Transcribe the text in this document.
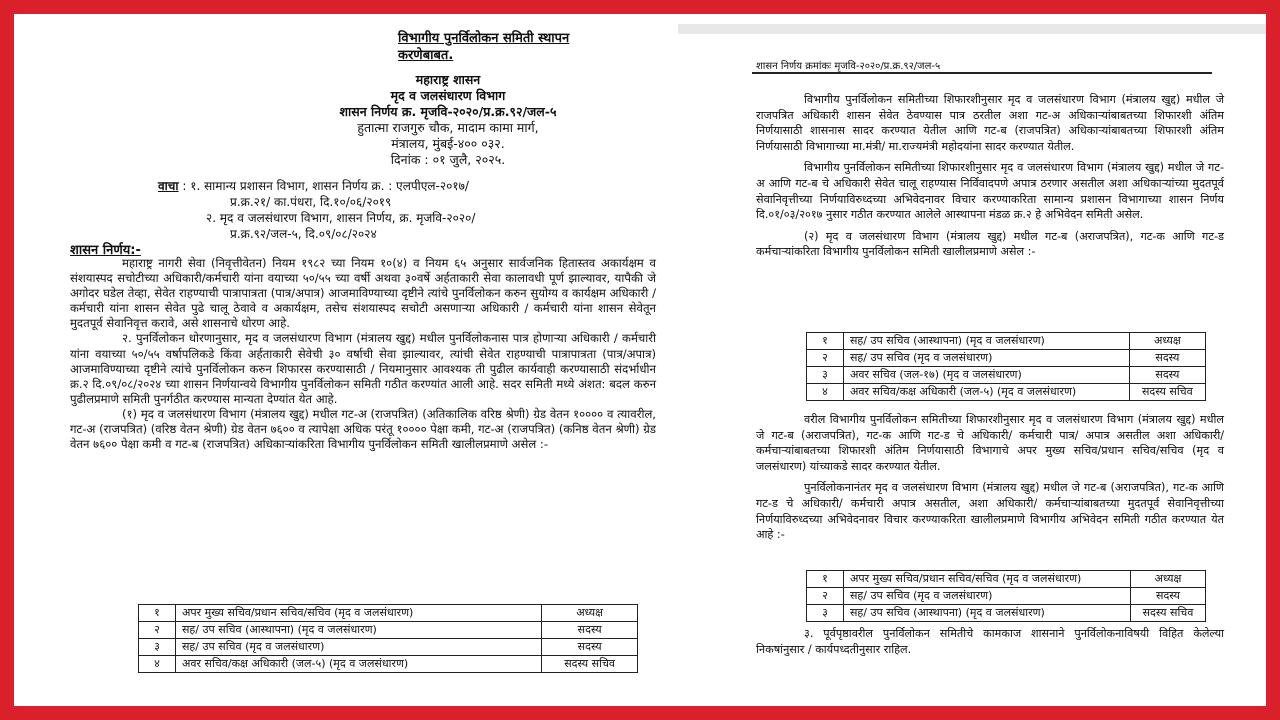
विभागीय पुनर्विलोकन समिती स्थापन
करणेबाबत.
महाराष्ट्र शासन
मृद व जलसंधारण विभाग
शासन निर्णय क्र. मृजवि-२०२०/प्र.क्र.९२/जल-५
हुतात्मा राजगुरु चौक, मादाम कामा मार्ग,
मंत्रालय, मुंबई-४०० ०३२.
दिनांक : ०१ जुलै, २०२५.
वाचा : १. सामान्य प्रशासन विभाग, शासन निर्णय क्र. : एलपीएल-२०१७/
प्र.क्र.२१/ का.पंधरा, दि.१०/०६/२०१९
२. मृद व जलसंधारण विभाग, शासन निर्णय, क्र. मृजवि-२०२०/
प्र.क्र.९२/जल-५, दि.०९/०८/२०२४
शासन निर्णय:-

महाराष्ट्र नागरी सेवा (निवृत्तीवेतन) नियम १९८२ च्या नियम १०(४) व नियम ६५ अनुसार सार्वजनिक हितास्तव अकार्यक्षम व संशयास्पद सचोटीच्या अधिकारी/कर्मचारी यांना वयाच्या ५०/५५ च्या वर्षी अथवा ३०वर्षे अर्हताकारी सेवा कालावधी पूर्ण झाल्यावर, यापैकी जे अगोदर घडेल तेव्हा, सेवेत राहण्याची पात्रापात्रता (पात्र/अपात्र) आजमाविण्याच्या दृष्टीने त्यांचे पुनर्विलोकन करुन सुयोग्य व कार्यक्षम अधिकारी / कर्मचारी यांना शासन सेवेत पुढे चालू ठेवावे व अकार्यक्षम, तसेच संशयास्पद सचोटी असणाऱ्या अधिकारी / कर्मचारी यांना शासन सेवेतून मुदतपूर्व सेवानिवृत्त करावे, असे शासनाचे धोरण आहे.

२. पुनर्विलोकन धोरणानुसार, मृद व जलसंधारण विभाग (मंत्रालय खुद्द) मधील पुनर्विलोकनास पात्र होणाऱ्या अधिकारी / कर्मचारी यांना वयाच्या ५०/५५ वर्षापलिकडे किंवा अर्हताकारी सेवेची ३० वर्षाची सेवा झाल्यावर, त्यांची सेवेत राहण्याची पात्रापात्रता (पात्र/अपात्र) आजमाविण्याच्या दृष्टीने त्यांचे पुनर्विलोकन करुन शिफारस करण्यासाठी / नियमानुसार आवश्यक ती पुढील कार्यवाही करण्यासाठी संदर्भाधीन क्र.२ दि.०९/०८/२०२४ च्या शासन निर्णयान्वये विभागीय पुनर्विलोकन समिती गठीत करण्यांत आली आहे. सदर समिती मध्ये अंशत: बदल करुन पुढीलप्रमाणे समिती पुनर्गठीत करण्यास मान्यता देण्यांत येत आहे.

(१) मृद व जलसंधारण विभाग (मंत्रालय खुद्द) मधील गट-अ (राजपत्रित) (अतिकालिक वरिष्ठ श्रेणी) ग्रेड वेतन १०००० व त्यावरील, गट-अ (राजपत्रित) (वरिष्ठ वेतन श्रेणी) ग्रेड वेतन ७६०० व त्यापेक्षा अधिक परंतू १०००० पेक्षा कमी, गट-अ (राजपत्रित) (कनिष्ठ वेतन श्रेणी) ग्रेड वेतन ७६०० पेक्षा कमी व गट-ब (राजपत्रित) अधिकाऱ्यांकरिता विभागीय पुनर्विलोकन समिती खालीलप्रमाणे असेल :-

१	अपर मुख्य सचिव/प्रधान सचिव/सचिव (मृद व जलसंधारण)	अध्यक्ष
२	सह/ उप सचिव (आस्थापना) (मृद व जलसंधारण)	सदस्य
३	सह/ उप सचिव (मृद व जलसंधारण)	सदस्य
४	अवर सचिव/कक्ष अधिकारी (जल-५) (मृद व जलसंधारण)	सदस्य सचिव
शासन निर्णय क्रमांकः मृजवि-२०२०/प्र.क्र.९२/जल-५

विभागीय पुनर्विलोकन समितीच्या शिफारशीनुसार मृद व जलसंधारण विभाग (मंत्रालय खुद्द) मधील जे राजपत्रित अधिकारी शासन सेवेत ठेवण्यास पात्र ठरतील अशा गट-अ अधिकाऱ्यांबाबतच्या शिफारशी अंतिम निर्णयासाठी शासनास सादर करण्यात येतील आणि गट-ब (राजपत्रित) अधिकाऱ्यांबाबतच्या शिफारशी अंतिम निर्णयासाठी विभागाच्या मा.मंत्री/ मा.राज्यमंत्री महोदयांना सादर करण्यात येतील.

विभागीय पुनर्विलोकन समितीच्या शिफारशीनुसार मृद व जलसंधारण विभाग (मंत्रालय खुद्द) मधील जे गट-अ आणि गट-ब चे अधिकारी सेवेत चालू राहण्यास निर्विवादपणे अपात्र ठरणार असतील अशा अधिकाऱ्यांच्या मुदतपूर्व सेवानिवृत्तीच्या निर्णयाविरुध्दच्या अभिवेदनावर विचार करण्याकरिता सामान्य प्रशासन विभागाच्या शासन निर्णय दि.०१/०३/२०१७ नुसार गठीत करण्यात आलेले आस्थापना मंडळ क्र.२ हे अभिवेदन समिती असेल.

(२) मृद व जलसंधारण विभाग (मंत्रालय खुद्द) मधील गट-ब (अराजपत्रित), गट-क आणि गट-ड कर्मचाऱ्यांकरिता विभागीय पुनर्विलोकन समिती खालीलप्रमाणे असेल :-

१	सह/ उप सचिव (आस्थापना) (मृद व जलसंधारण)	अध्यक्ष
२	सह/ उप सचिव (मृद व जलसंधारण)	सदस्य
३	अवर सचिव (जल-१७) (मृद व जलसंधारण)	सदस्य
४	अवर सचिव/कक्ष अधिकारी (जल-५) (मृद व जलसंधारण)	सदस्य सचिव

वरील विभागीय पुनर्विलोकन समितीच्या शिफारशीनुसार मृद व जलसंधारण विभाग (मंत्रालय खुद्द) मधील जे गट-ब (अराजपत्रित), गट-क आणि गट-ड चे अधिकारी/ कर्मचारी पात्र/ अपात्र असतील अशा अधिकारी/ कर्मचाऱ्यांबाबतच्या शिफारशी अंतिम निर्णयासाठी विभागाचे अपर मुख्य सचिव/प्रधान सचिव/सचिव (मृद व जलसंधारण) यांच्याकडे सादर करण्यात येतील.

पुनर्विलोकनानंतर मृद व जलसंधारण विभाग (मंत्रालय खुद्द) मधील जे गट-ब (अराजपत्रित), गट-क आणि गट-ड चे अधिकारी/ कर्मचारी अपात्र असतील, अशा अधिकारी/ कर्मचाऱ्यांबाबतच्या मुदतपूर्व सेवानिवृत्तीच्या निर्णयाविरुध्दच्या अभिवेदनावर विचार करण्याकरिता खालीलप्रमाणे विभागीय अभिवेदन समिती गठीत करण्यात येत आहे :-

१	अपर मुख्य सचिव/प्रधान सचिव/सचिव (मृद व जलसंधारण)	अध्यक्ष
२	सह/ उप सचिव (मृद व जलसंधारण)	सदस्य
३	सह/ उप सचिव (आस्थापना) (मृद व जलसंधारण)	सदस्य सचिव

३. पूर्वपृष्ठावरील पुनर्विलोकन समितीचे कामकाज शासनाने पुनर्विलोकनाविषयी विहित केलेल्या निकषांनुसार / कार्यपध्दतीनुसार राहिल.
